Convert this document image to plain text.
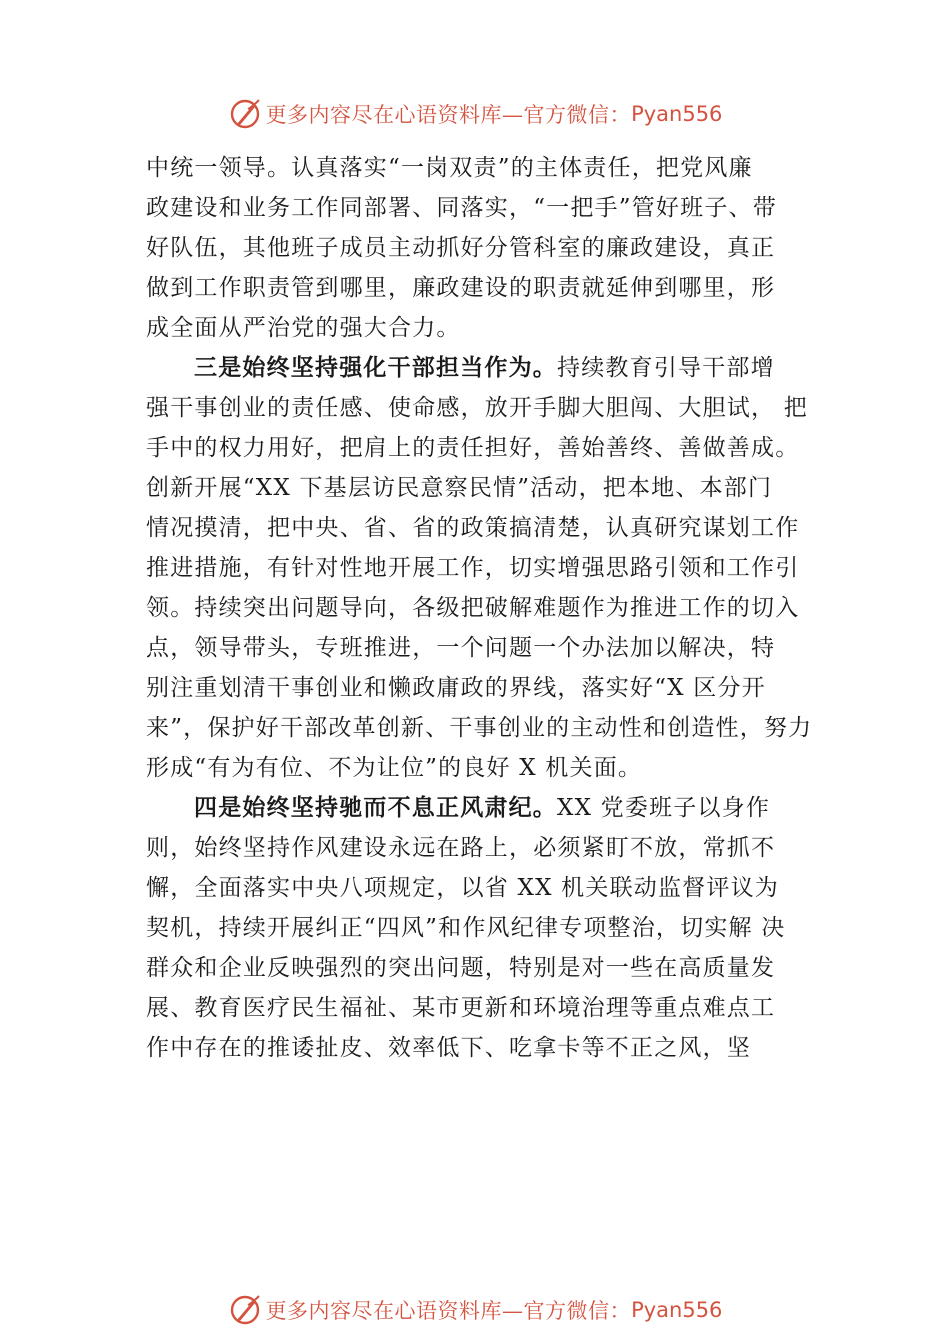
更多内容尽在心语资料库—官方微信： Pyan556
中统一领导。认真落实“一岗双责”的主体责任，把党风廉
政建设和业务工作同部署、同落实，“一把手”管好班子、带
好队伍，其他班子成员主动抓好分管科室的廉政建设，真正
做到工作职责管到哪里，廉政建设的职责就延伸到哪里，形
成全面从严治党的强大合力。
三是始终坚持强化干部担当作为。持续教育引导干部增
强干事创业的责任感、使命感，放开手脚大胆闯、大胆试， 把
手中的权力用好，把肩上的责任担好，善始善终、善做善成。
创新开展“XX 下基层访民意察民情”活动，把本地、本部门
情况摸清，把中央、省、省的政策搞清楚，认真研究谋划工作
推进措施，有针对性地开展工作，切实增强思路引领和工作引
领。持续突出问题导向，各级把破解难题作为推进工作的切入
点，领导带头，专班推进，一个问题一个办法加以解决，特
别注重划清干事创业和懒政庸政的界线，落实好“X 区分开
来”，保护好干部改革创新、干事创业的主动性和创造性，努力
形成“有为有位、不为让位”的良好 X 机关面。
四是始终坚持驰而不息正风肃纪。XX 党委班子以身作
则，始终坚持作风建设永远在路上，必须紧盯不放，常抓不
懈，全面落实中央八项规定，以省 XX 机关联动监督评议为
契机，持续开展纠正“四风”和作风纪律专项整治，切实解 决
群众和企业反映强烈的突出问题，特别是对一些在高质量发
展、教育医疗民生福祉、某市更新和环境治理等重点难点工
作中存在的推诿扯皮、效率低下、吃拿卡等不正之风，坚
更多内容尽在心语资料库—官方微信： Pyan556
